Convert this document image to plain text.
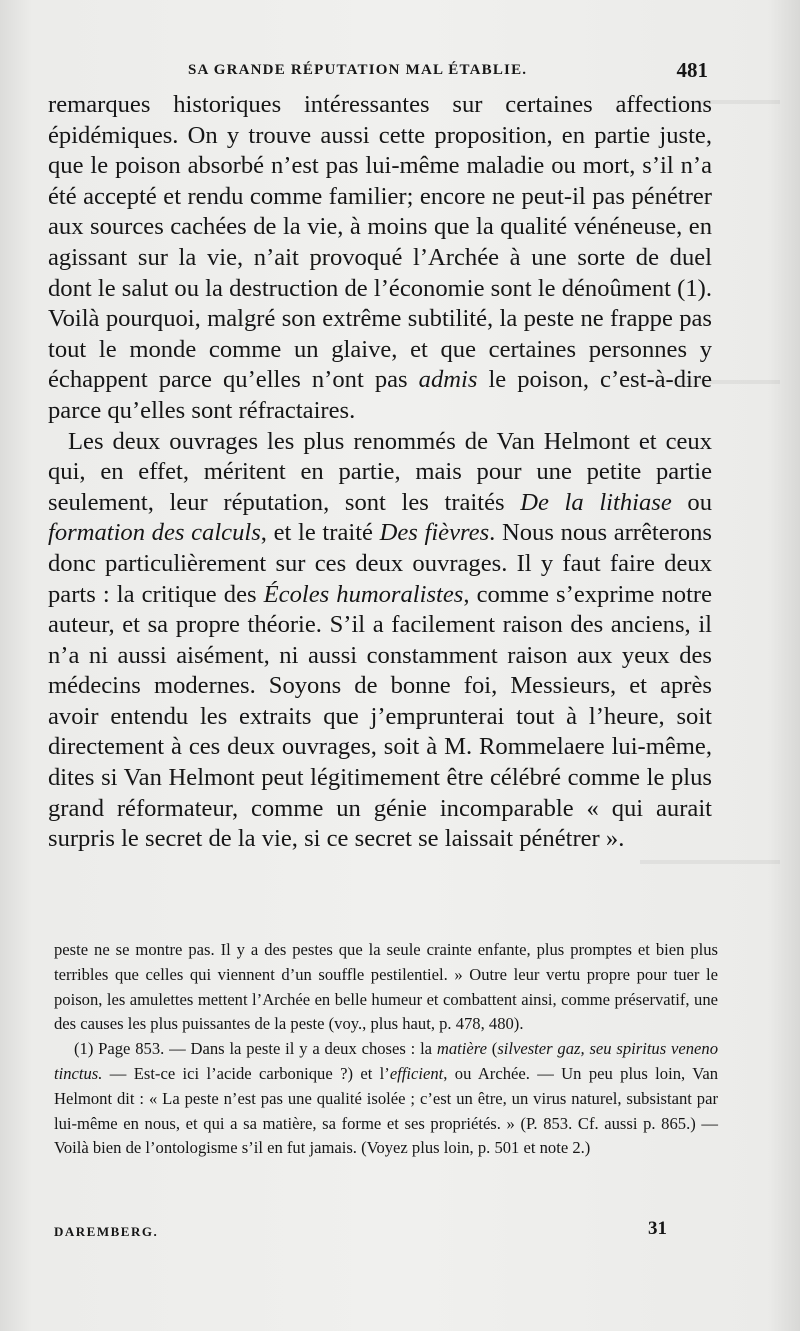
SA GRANDE RÉPUTATION MAL ÉTABLIE.	481

remarques historiques intéressantes sur certaines affections épidémiques. On y trouve aussi cette proposition, en partie juste, que le poison absorbé n’est pas lui-même maladie ou mort, s’il n’a été accepté et rendu comme familier; encore ne peut-il pas pénétrer aux sources cachées de la vie, à moins que la qualité vénéneuse, en agissant sur la vie, n’ait provoqué l’Archée à une sorte de duel dont le salut ou la destruction de l’économie sont le dénoûment (1). Voilà pourquoi, malgré son extrême subtilité, la peste ne frappe pas tout le monde comme un glaive, et que certaines personnes y échappent parce qu’elles n’ont pas admis le poison, c’est-à-dire parce qu’elles sont réfractaires.

Les deux ouvrages les plus renommés de Van Helmont et ceux qui, en effet, méritent en partie, mais pour une petite partie seulement, leur réputation, sont les traités De la lithiase ou formation des calculs, et le traité Des fièvres. Nous nous arrêterons donc particulièrement sur ces deux ouvrages. Il y faut faire deux parts : la critique des Écoles humoralistes, comme s’exprime notre auteur, et sa propre théorie. S’il a facilement raison des anciens, il n’a ni aussi aisément, ni aussi constamment raison aux yeux des médecins modernes. Soyons de bonne foi, Messieurs, et après avoir entendu les extraits que j’emprunterai tout à l’heure, soit directement à ces deux ouvrages, soit à M. Rommelaere lui-même, dites si Van Helmont peut légitimement être célébré comme le plus grand réformateur, comme un génie incomparable « qui aurait surpris le secret de la vie, si ce secret se laissait pénétrer ».

peste ne se montre pas. Il y a des pestes que la seule crainte enfante, plus promptes et bien plus terribles que celles qui viennent d’un souffle pestilentiel. » Outre leur vertu propre pour tuer le poison, les amulettes mettent l’Archée en belle humeur et combattent ainsi, comme préservatif, une des causes les plus puissantes de la peste (voy., plus haut, p. 478, 480).

(1) Page 853. — Dans la peste il y a deux choses : la matière (silvester gaz, seu spiritus veneno tinctus. — Est-ce ici l’acide carbonique ?) et l’efficient, ou Archée. — Un peu plus loin, Van Helmont dit : « La peste n’est pas une qualité isolée ; c’est un être, un virus naturel, subsistant par lui-même en nous, et qui a sa matière, sa forme et ses propriétés. » (P. 853. Cf. aussi p. 865.) — Voilà bien de l’ontologisme s’il en fut jamais. (Voyez plus loin, p. 501 et note 2.)

DAREMBERG.	31
